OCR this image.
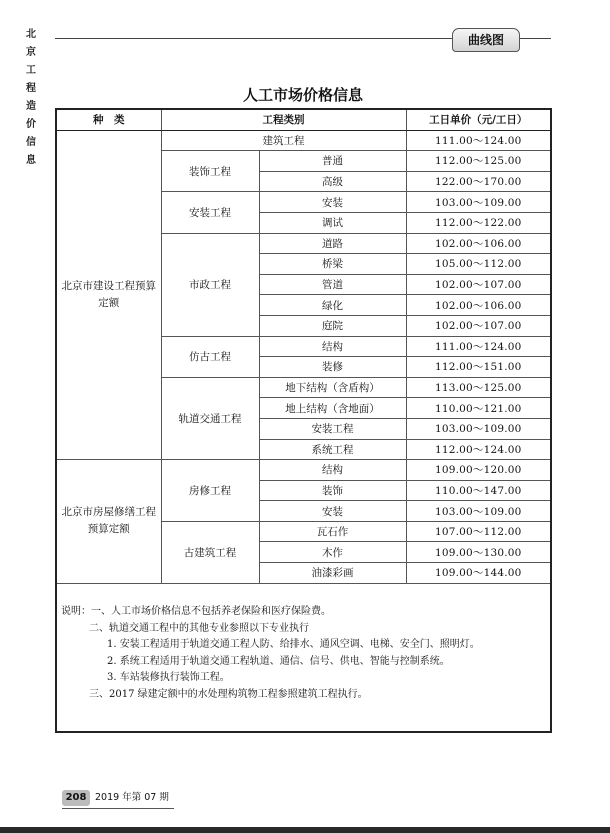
北京工程造价信息
曲线图
人工市场价格信息
种　类	工程类别		工日单价（元/工日）
北京市建设工程预算定额	建筑工程		111.00～124.00
	装饰工程	普通	112.00～125.00
		高级	122.00～170.00
	安装工程	安装	103.00～109.00
		调试	112.00～122.00
	市政工程	道路	102.00～106.00
		桥梁	105.00～112.00
		管道	102.00～107.00
		绿化	102.00～106.00
		庭院	102.00～107.00
	仿古工程	结构	111.00～124.00
		装修	112.00～151.00
	轨道交通工程	地下结构（含盾构）	113.00～125.00
		地上结构（含地面）	110.00～121.00
		安装工程	103.00～109.00
		系统工程	112.00～124.00
北京市房屋修缮工程预算定额	房修工程	结构	109.00～120.00
		装饰	110.00～147.00
		安装	103.00～109.00
	古建筑工程	瓦石作	107.00～112.00
		木作	109.00～130.00
		油漆彩画	109.00～144.00
说明：一、人工市场价格信息不包括养老保险和医疗保险费。
二、轨道交通工程中的其他专业参照以下专业执行
1. 安装工程适用于轨道交通工程人防、给排水、通风空调、电梯、安全门、照明灯。
2. 系统工程适用于轨道交通工程轨道、通信、信号、供电、智能与控制系统。
3. 车站装修执行装饰工程。
三、2017 绿建定额中的水处理构筑物工程参照建筑工程执行。
208 2019 年第 07 期
